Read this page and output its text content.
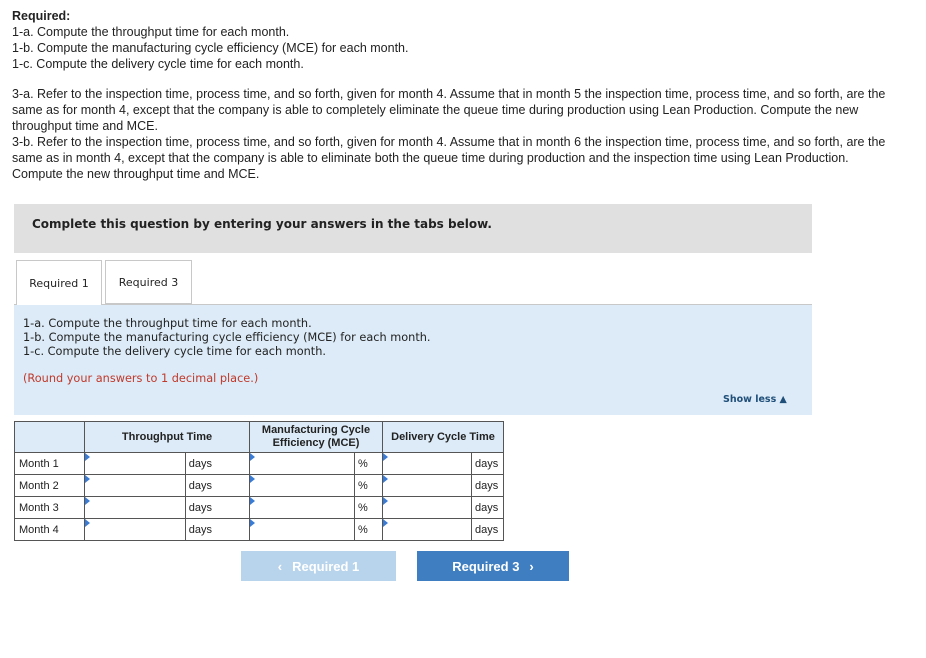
Required:

1-a. Compute the throughput time for each month.

1-b. Compute the manufacturing cycle efficiency (MCE) for each month.

1-c. Compute the delivery cycle time for each month.

3-a. Refer to the inspection time, process time, and so forth, given for month 4. Assume that in month 5 the inspection time, process time, and so forth, are the same as for month 4, except that the company is able to completely eliminate the queue time during production using Lean Production. Compute the new throughput time and MCE.

3-b. Refer to the inspection time, process time, and so forth, given for month 4. Assume that in month 6 the inspection time, process time, and so forth, are the same as in month 4, except that the company is able to eliminate both the queue time during production and the inspection time using Lean Production. Compute the new throughput time and MCE.

Complete this question by entering your answers in the tabs below.
Required 1	Required 3

1-a. Compute the throughput time for each month.

1-b. Compute the manufacturing cycle efficiency (MCE) for each month.

1-c. Compute the delivery cycle time for each month.

(Round your answers to 1 decimal place.)
Show less ▲
	Throughput Time		Manufacturing Cycle Efficiency (MCE)		Delivery Cycle Time	
Month 1		days		%		days
Month 2		days		%		days
Month 3		days		%		days
Month 4		days		%		days
‹ Required 1	Required 3 ›
